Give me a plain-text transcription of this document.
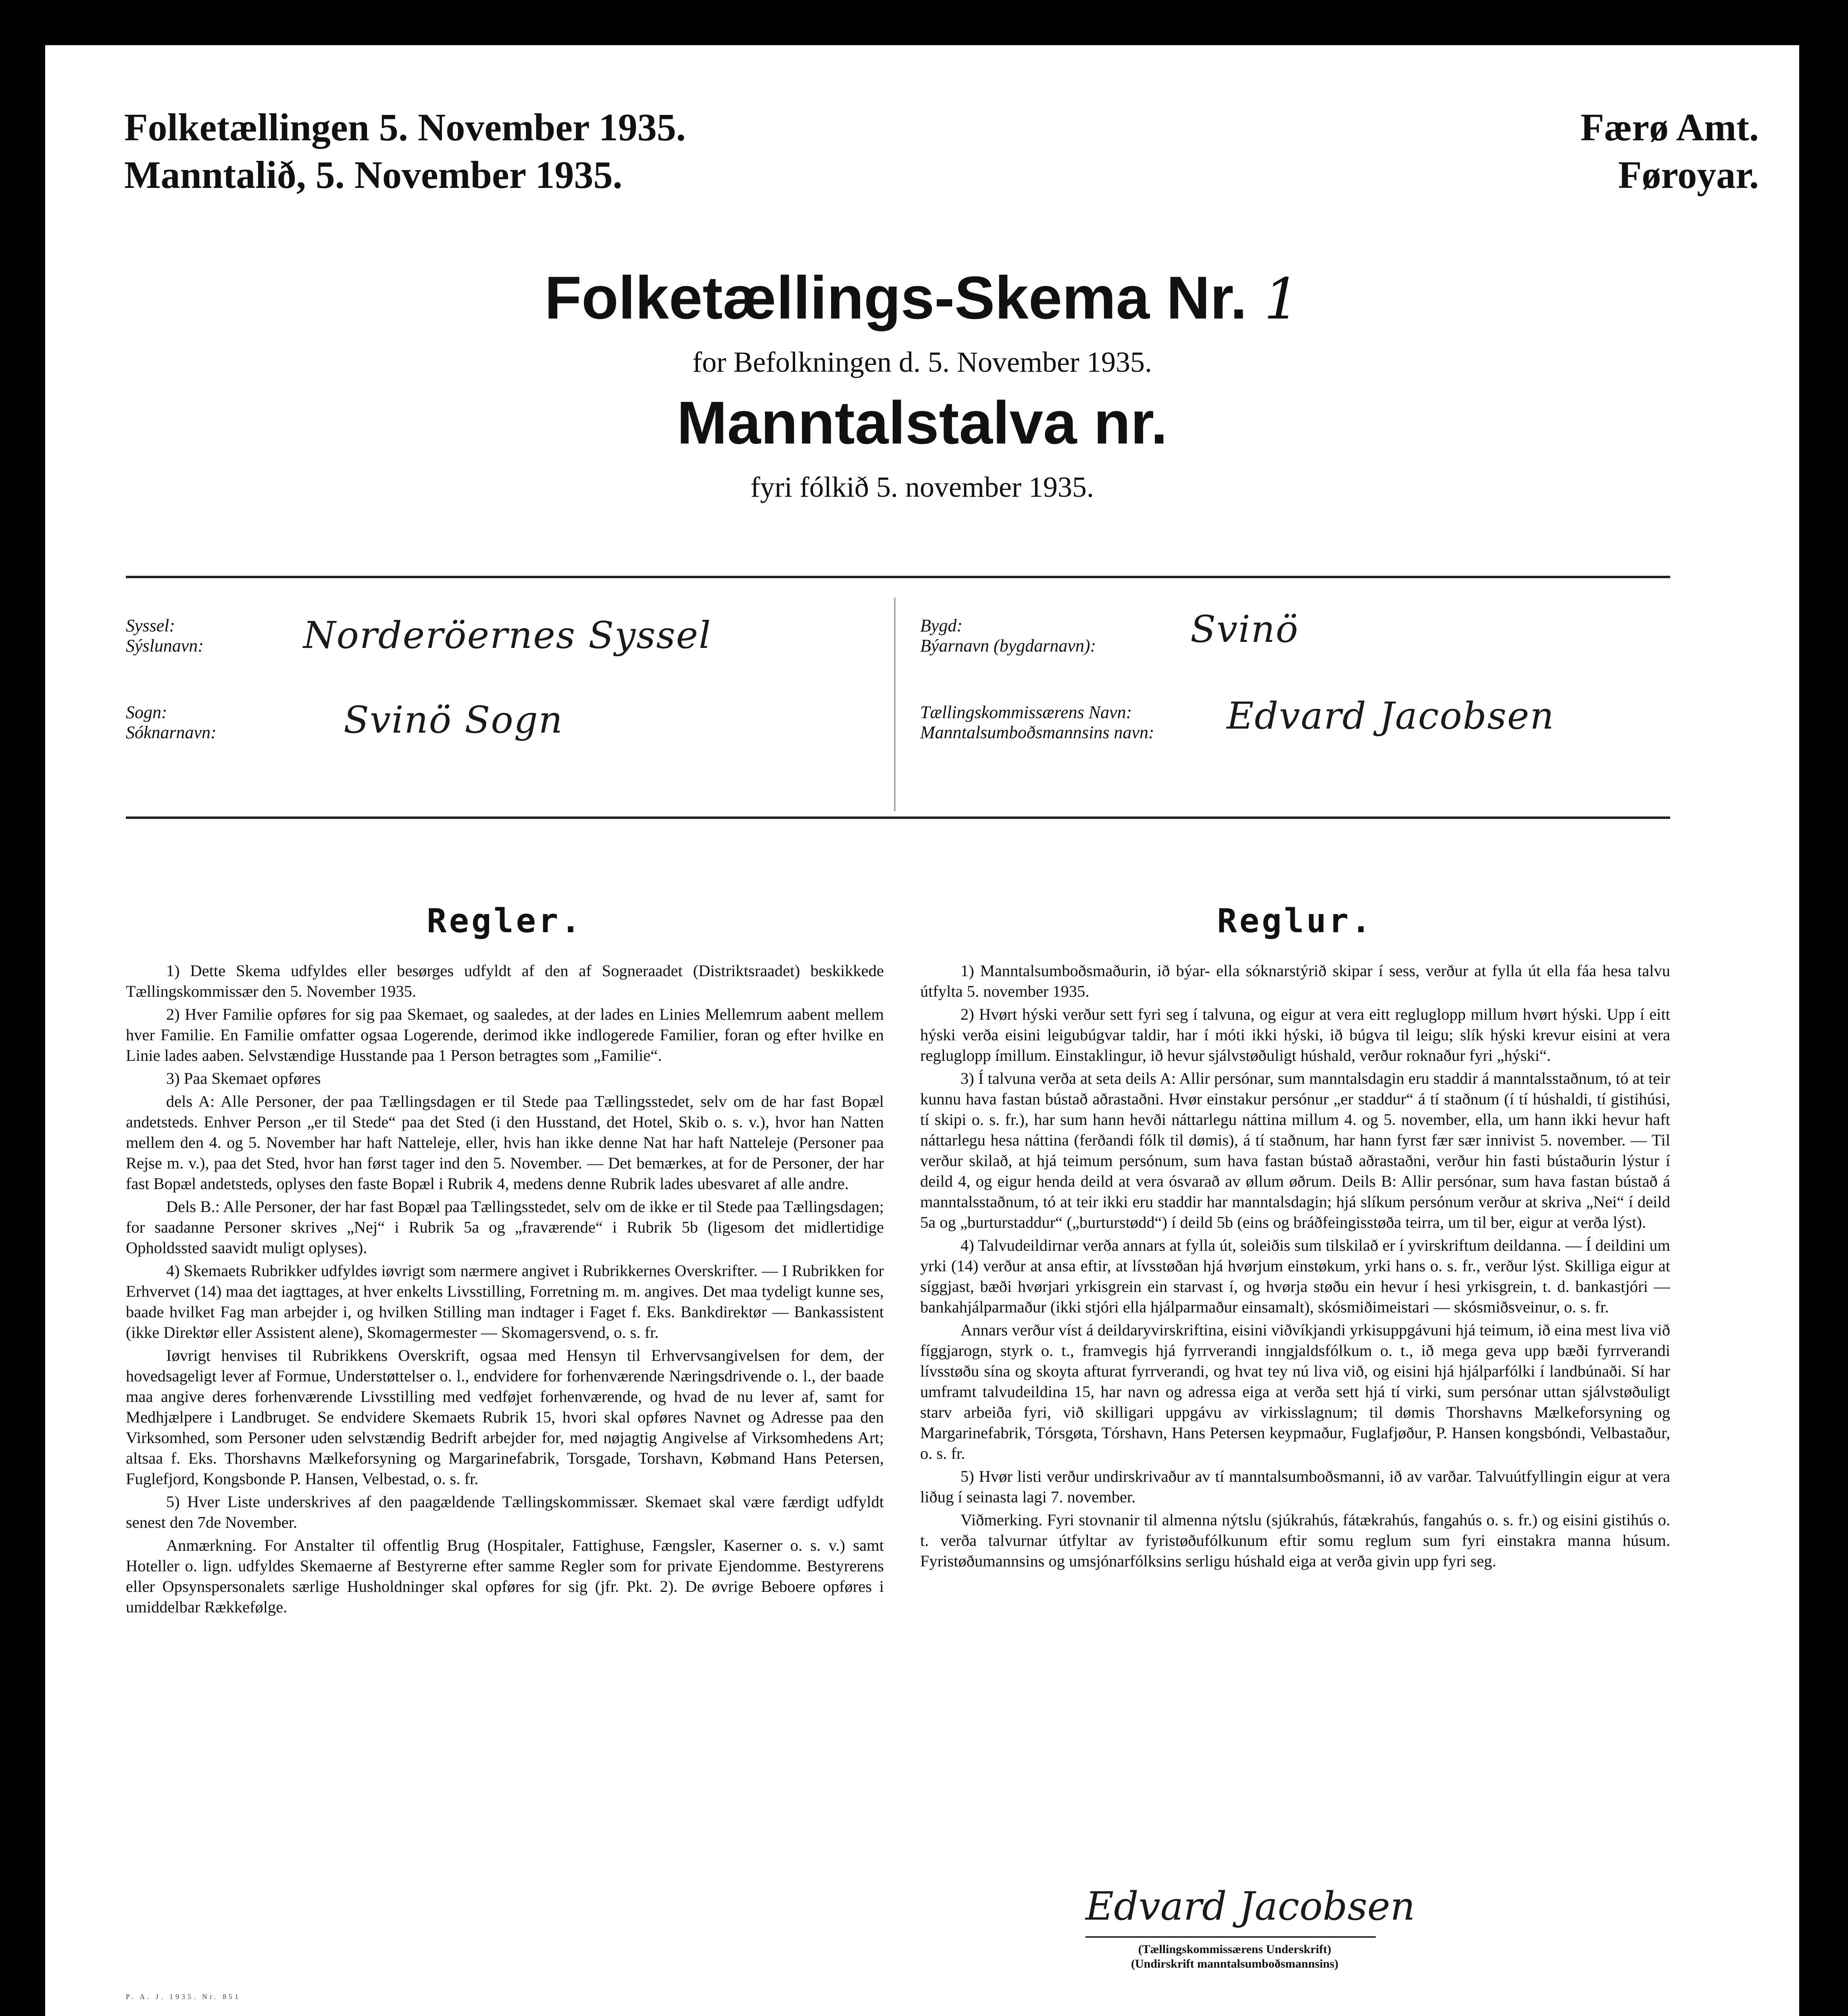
Folketællingen 5. November 1935.
Manntalið, 5. November 1935.
Færø Amt.
Føroyar.
Folketællings-Skema Nr. 1
for Befolkningen d. 5. November 1935.
Manntalstalva nr.
fyri fólkið 5. november 1935.
Syssel:
Sýslunavn:	Norderöernes Syssel
Sogn:
Sóknarnavn:	Svinö Sogn
Bygd:
Býarnavn (bygdarnavn):	Svinö
Tællingskommissærens Navn:
Manntalsumboðsmannsins navn: Edvard Jacobsen
Regler.

1) Dette Skema udfyldes eller besørges udfyldt af den af Sogneraadet (Distriktsraadet) beskikkede Tællingskommissær den 5. November 1935.

2) Hver Familie opføres for sig paa Skemaet, og saaledes, at der lades en Linies Mellemrum aabent mellem hver Familie. En Familie omfatter ogsaa Logerende, derimod ikke indlogerede Familier, foran og efter hvilke en Linie lades aaben. Selvstændige Husstande paa 1 Person betragtes som „Familie“.

3) Paa Skemaet opføres

dels A: Alle Personer, der paa Tællingsdagen er til Stede paa Tællingsstedet, selv om de har fast Bopæl andetsteds. Enhver Person „er til Stede“ paa det Sted (i den Husstand, det Hotel, Skib o. s. v.), hvor han Natten mellem den 4. og 5. November har haft Natteleje, eller, hvis han ikke denne Nat har haft Natteleje (Personer paa Rejse m. v.), paa det Sted, hvor han først tager ind den 5. November. — Det bemærkes, at for de Personer, der har fast Bopæl andetsteds, oplyses den faste Bopæl i Rubrik 4, medens denne Rubrik lades ubesvaret af alle andre.

Dels B.: Alle Personer, der har fast Bopæl paa Tællingsstedet, selv om de ikke er til Stede paa Tællingsdagen; for saadanne Personer skrives „Nej“ i Rubrik 5a og „fraværende“ i Rubrik 5b (ligesom det midlertidige Opholdssted saavidt muligt oplyses).

4) Skemaets Rubrikker udfyldes iøvrigt som nærmere angivet i Rubrikkernes Overskrifter. — I Rubrikken for Erhvervet (14) maa det iagttages, at hver enkelts Livsstilling, Forretning m. m. angives. Det maa tydeligt kunne ses, baade hvilket Fag man arbejder i, og hvilken Stilling man indtager i Faget f. Eks. Bankdirektør — Bankassistent (ikke Direktør eller Assistent alene), Skomagermester — Skomagersvend, o. s. fr.

Iøvrigt henvises til Rubrikkens Overskrift, ogsaa med Hensyn til Erhvervsangivelsen for dem, der hovedsageligt lever af Formue, Understøttelser o. l., endvidere for forhenværende Næringsdrivende o. l., der baade maa angive deres forhenværende Livsstilling med vedføjet forhenværende, og hvad de nu lever af, samt for Medhjælpere i Landbruget. Se endvidere Skemaets Rubrik 15, hvori skal opføres Navnet og Adresse paa den Virksomhed, som Personer uden selvstændig Bedrift arbejder for, med nøjagtig Angivelse af Virksomhedens Art; altsaa f. Eks. Thorshavns Mælkeforsyning og Margarinefabrik, Torsgade, Torshavn, Købmand Hans Petersen, Fuglefjord, Kongsbonde P. Hansen, Velbestad, o. s. fr.

5) Hver Liste underskrives af den paagældende Tællingskommissær. Skemaet skal være færdigt udfyldt senest den 7de November.

Anmærkning. For Anstalter til offentlig Brug (Hospitaler, Fattighuse, Fængsler, Kaserner o. s. v.) samt Hoteller o. lign. udfyldes Skemaerne af Bestyrerne efter samme Regler som for private Ejendomme. Bestyrerens eller Opsynspersonalets særlige Husholdninger skal opføres for sig (jfr. Pkt. 2). De øvrige Beboere opføres i umiddelbar Rækkefølge.

Reglur.

1) Manntalsumboðsmaðurin, ið býar- ella sóknarstýrið skipar í sess, verður at fylla út ella fáa hesa talvu útfylta 5. november 1935.

2) Hvørt hýski verður sett fyri seg í talvuna, og eigur at vera eitt regluglopp millum hvørt hýski. Upp í eitt hýski verða eisini leigubúgvar taldir, har í móti ikki hýski, ið búgva til leigu; slík hýski krevur eisini at vera regluglopp ímillum. Einstaklingur, ið hevur sjálvstøðuligt húshald, verður roknaður fyri „hýski“.

3) Í talvuna verða at seta deils A: Allir persónar, sum manntalsdagin eru staddir á manntalsstaðnum, tó at teir kunnu hava fastan bústað aðrastaðni. Hvør einstakur persónur „er staddur“ á tí staðnum (í tí húshaldi, tí gistihúsi, tí skipi o. s. fr.), har sum hann hevði náttarlegu náttina millum 4. og 5. november, ella, um hann ikki hevur haft náttarlegu hesa náttina (ferðandi fólk til dømis), á tí staðnum, har hann fyrst fær sær innivist 5. november. — Til verður skilað, at hjá teimum persónum, sum hava fastan bústað aðrastaðni, verður hin fasti bústaðurin lýstur í deild 4, og eigur henda deild at vera ósvarað av øllum øðrum. Deils B: Allir persónar, sum hava fastan bústað á manntalsstaðnum, tó at teir ikki eru staddir har manntalsdagin; hjá slíkum persónum verður at skriva „Nei“ í deild 5a og „burturstaddur“ („burturstødd“) í deild 5b (eins og bráðfeingisstøða teirra, um til ber, eigur at verða lýst).

4) Talvudeildirnar verða annars at fylla út, soleiðis sum tilskilað er í yvirskriftum deildanna. — Í deildini um yrki (14) verður at ansa eftir, at lívsstøðan hjá hvørjum einstøkum, yrki hans o. s. fr., verður lýst. Skilliga eigur at síggjast, bæði hvørjari yrkisgrein ein starvast í, og hvørja støðu ein hevur í hesi yrkisgrein, t. d. bankastjóri — bankahjálparmaður (ikki stjóri ella hjálparmaður einsamalt), skósmiðimeistari — skósmiðsveinur, o. s. fr.

Annars verður víst á deildaryvirskriftina, eisini viðvíkjandi yrkisuppgávuni hjá teimum, ið eina mest liva við fíggjarogn, styrk o. t., framvegis hjá fyrrverandi inngjaldsfólkum o. t., ið mega geva upp bæði fyrrverandi lívsstøðu sína og skoyta afturat fyrrverandi, og hvat tey nú liva við, og eisini hjá hjálparfólki í landbúnaði. Sí har umframt talvudeildina 15, har navn og adressa eiga at verða sett hjá tí virki, sum persónar uttan sjálvstøðuligt starv arbeiða fyri, við skilligari uppgávu av virkisslagnum; til dømis Thorshavns Mælkeforsyning og Margarinefabrik, Tórsgøta, Tórshavn, Hans Petersen keypmaður, Fuglafjøður, P. Hansen kongsbóndi, Velbastaður, o. s. fr.

5) Hvør listi verður undirskrivaður av tí manntalsumboðsmanni, ið av varðar. Talvuútfyllingin eigur at vera liðug í seinasta lagi 7. november.

Viðmerking. Fyri stovnanir til almenna nýtslu (sjúkrahús, fátækrahús, fangahús o. s. fr.) og eisini gistihús o. t. verða talvurnar útfyltar av fyristøðufólkunum eftir somu reglum sum fyri einstakra manna húsum. Fyristøðumannsins og umsjónarfólksins serligu húshald eiga at verða givin upp fyri seg.

Edvard Jacobsen
(Tællingskommissærens Underskrift)
(Undirskrift manntalsumboðsmannsins)
P. A. J. 1935. Nr. 851
